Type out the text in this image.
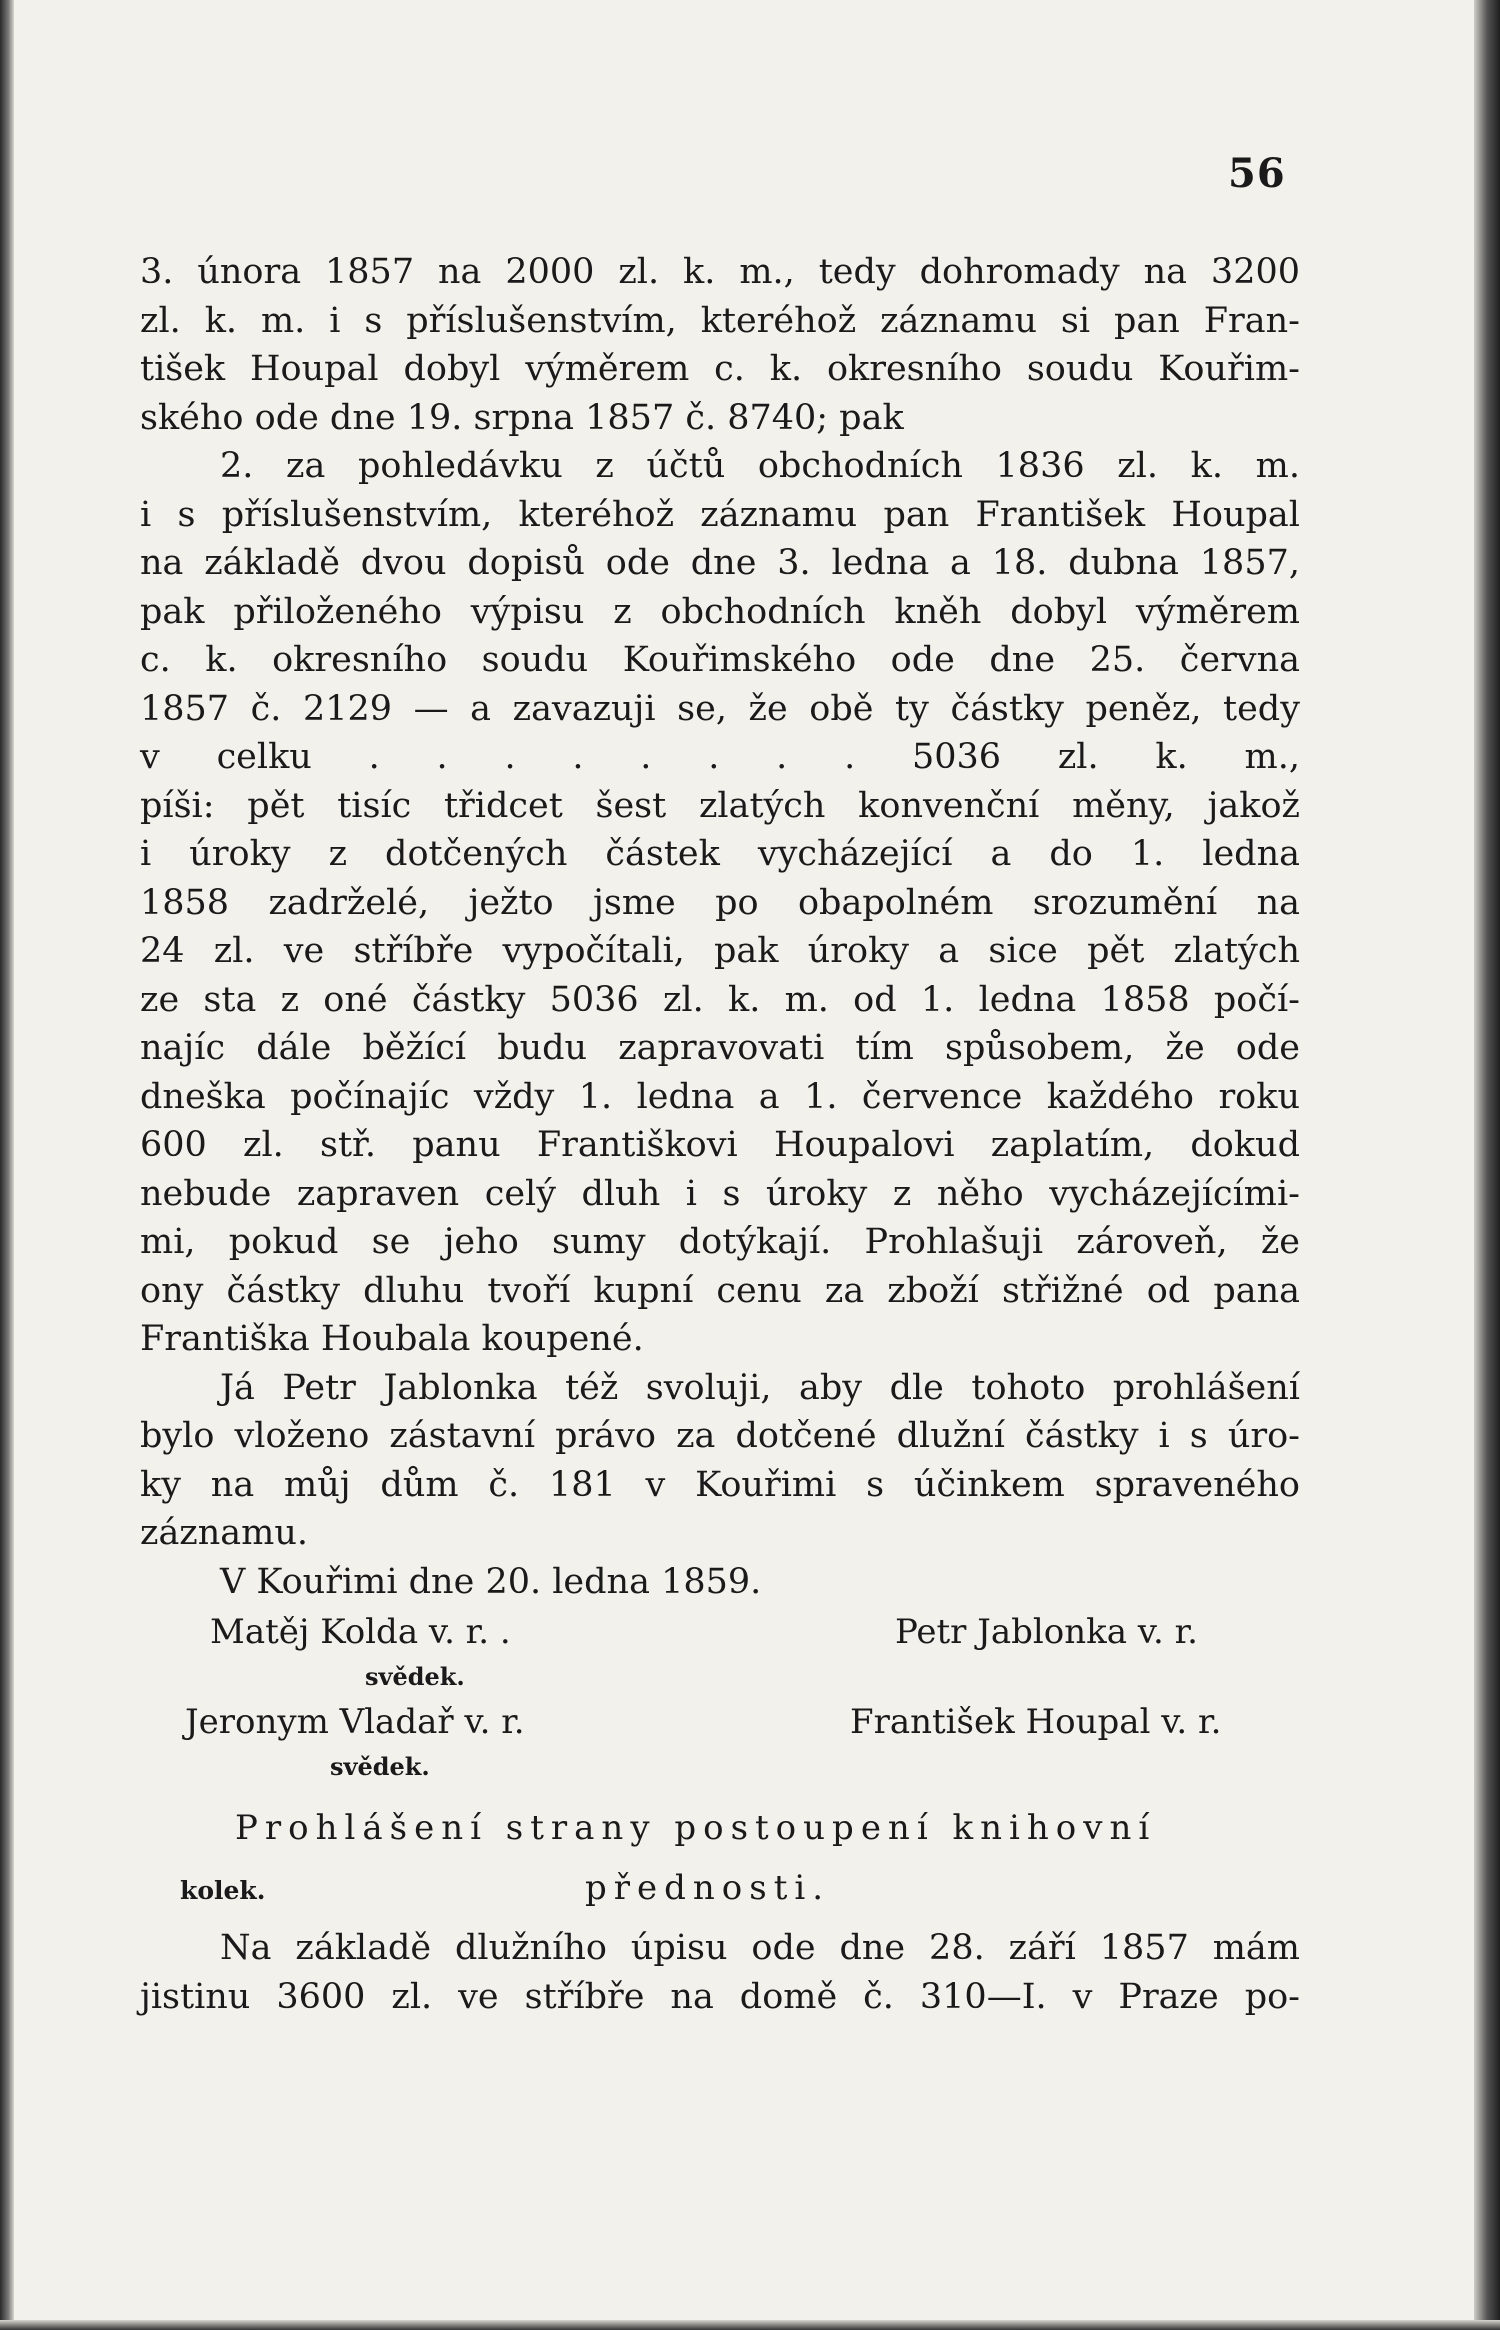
56
3. února 1857 na 2000 zl. k. m., tedy dohromady na 3200
zl. k. m. i s příslušenstvím, kteréhož záznamu si pan Fran-
tišek Houpal dobyl výměrem c. k. okresního soudu Kouřim-
ského ode dne 19. srpna 1857 č. 8740; pak
2. za pohledávku z účtů obchodních 1836 zl. k. m.
i s příslušenstvím, kteréhož záznamu pan František Houpal
na základě dvou dopisů ode dne 3. ledna a 18. dubna 1857,
pak přiloženého výpisu z obchodních kněh dobyl výměrem
c. k. okresního soudu Kouřimského ode dne 25. června
1857 č. 2129 — a zavazuji se, že obě ty částky peněz, tedy
v celku . . . . . . . . 5036 zl. k. m.,
píši: pět tisíc třidcet šest zlatých konvenční měny, jakož
i úroky z dotčených částek vycházející a do 1. ledna
1858 zadrželé, ježto jsme po obapolném srozumění na
24 zl. ve stříbře vypočítali, pak úroky a sice pět zlatých
ze sta z oné částky 5036 zl. k. m. od 1. ledna 1858 počí-
najíc dále běžící budu zapravovati tím spůsobem, že ode
dneška počínajíc vždy 1. ledna a 1. července každého roku
600 zl. stř. panu Františkovi Houpalovi zaplatím, dokud
nebude zapraven celý dluh i s úroky z něho vycházejícími-
mi, pokud se jeho sumy dotýkají. Prohlašuji zároveň, že
ony částky dluhu tvoří kupní cenu za zboží střižné od pana
Františka Houbala koupené.
Já Petr Jablonka též svoluji, aby dle tohoto prohlášení
bylo vloženo zástavní právo za dotčené dlužní částky i s úro-
ky na můj dům č. 181 v Kouřimi s účinkem spraveného
záznamu.
V Kouřimi dne 20. ledna 1859.
Matěj Kolda v. r. .	Petr Jablonka v. r.
svědek.
Jeronym Vladař v. r.	František Houpal v. r.
svědek.
Prohlášení strany postoupení knihovní
kolek.	přednosti.
Na základě dlužního úpisu ode dne 28. září 1857 mám
jistinu 3600 zl. ve stříbře na domě č. 310—I. v Praze po-
